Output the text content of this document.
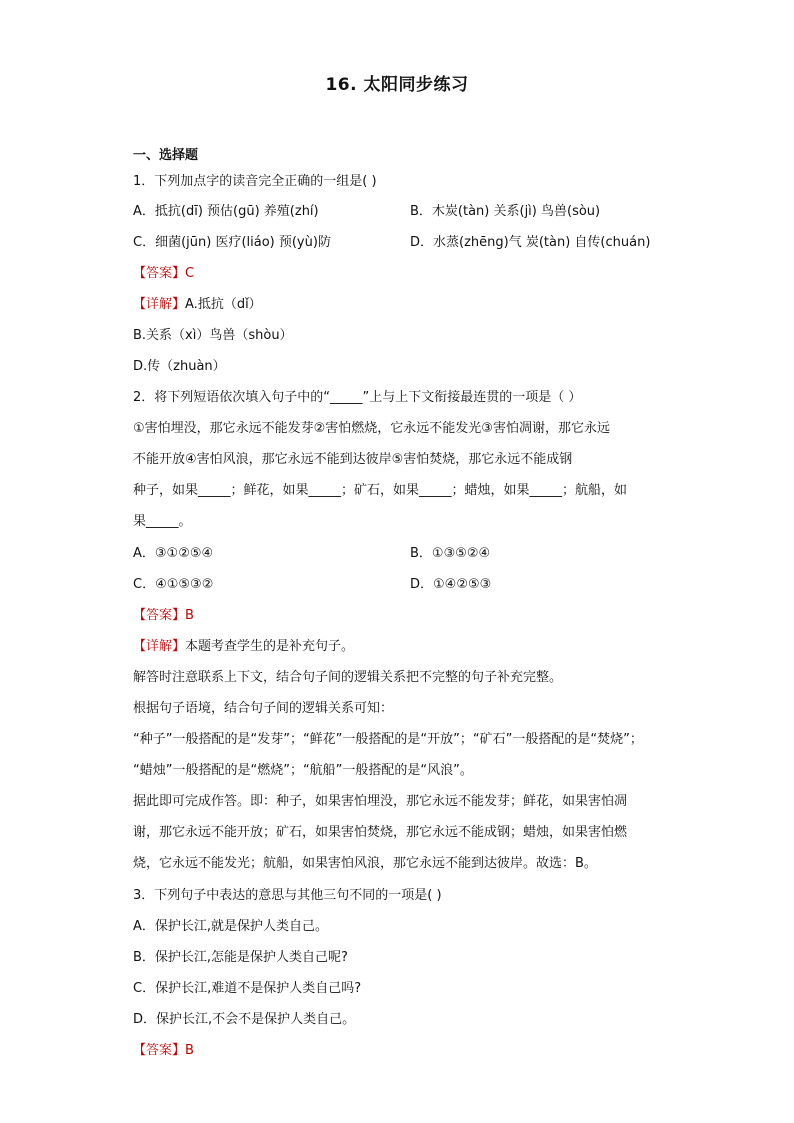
16. 太阳同步练习
一、选择题
1．下列加点字的读音完全正确的一组是( )
A．抵抗(dī) 预估(gū) 养殖(zhí)	B．木炭(tàn) 关系(jì) 鸟兽(sòu)
C．细菌(jūn) 医疗(liáo) 预(yù)防	D．水蒸(zhēng)气 炭(tàn) 自传(chuán)
【答案】C
【详解】A.抵抗（dǐ）
B.关系（xì）鸟兽（shòu）
D.传（zhuàn）
2．将下列短语依次填入句子中的“_____”上与上下文衔接最连贯的一项是（ ）
①害怕埋没，那它永远不能发芽②害怕燃烧，它永远不能发光③害怕凋谢，那它永远
不能开放④害怕风浪，那它永远不能到达彼岸⑤害怕焚烧，那它永远不能成钢
种子，如果_____；鲜花，如果_____；矿石，如果_____；蜡烛，如果_____；航船，如
果_____。
A．③①②⑤④	B．①③⑤②④
C．④①⑤③②	D．①④②⑤③
【答案】B
【详解】本题考查学生的是补充句子。
解答时注意联系上下文，结合句子间的逻辑关系把不完整的句子补充完整。
根据句子语境，结合句子间的逻辑关系可知：
“种子”一般搭配的是“发芽”；“鲜花”一般搭配的是“开放”；“矿石”一般搭配的是“焚烧”；
“蜡烛”一般搭配的是“燃烧”；“航船”一般搭配的是“风浪”。
据此即可完成作答。即：种子，如果害怕埋没，那它永远不能发芽；鲜花，如果害怕凋
谢，那它永远不能开放；矿石，如果害怕焚烧，那它永远不能成钢；蜡烛，如果害怕燃
烧，它永远不能发光；航船，如果害怕风浪，那它永远不能到达彼岸。故选：B。
3．下列句子中表达的意思与其他三句不同的一项是( )
A．保护长江,就是保护人类自己。
B．保护长江,怎能是保护人类自己呢?
C．保护长江,难道不是保护人类自己吗?
D．保护长江,不会不是保护人类自己。
【答案】B
